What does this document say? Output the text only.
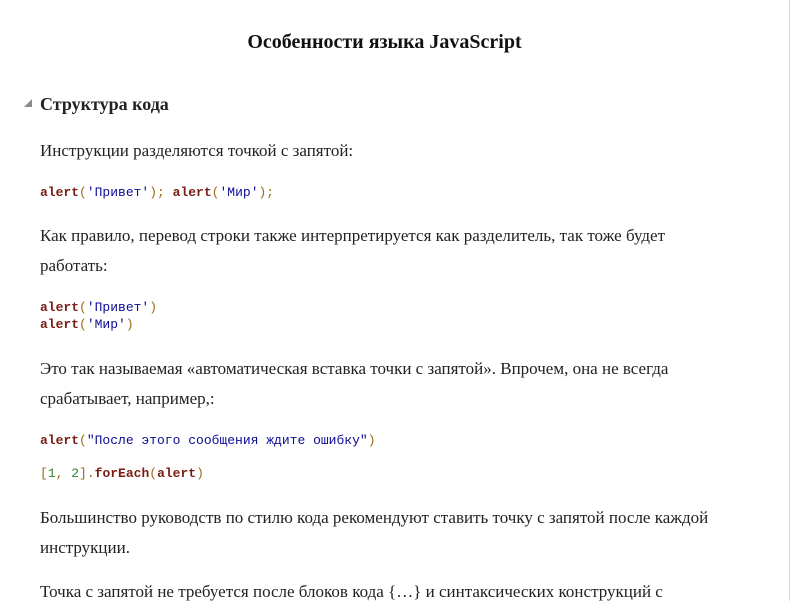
Особенности языка JavaScript
Структура кода
Инструкции разделяются точкой с запятой:
alert('Привет'); alert('Мир');
Как правило, перевод строки также интерпретируется как разделитель, так тоже будет работать:
alert('Привет')
alert('Мир')
Это так называемая «автоматическая вставка точки с запятой». Впрочем, она не всегда срабатывает, например,:
alert("После этого сообщения ждите ошибку")
[1, 2].forEach(alert)
Большинство руководств по стилю кода рекомендуют ставить точку с запятой после каждой инструкции.
Точка с запятой не требуется после блоков кода {…} и синтаксических конструкций с
